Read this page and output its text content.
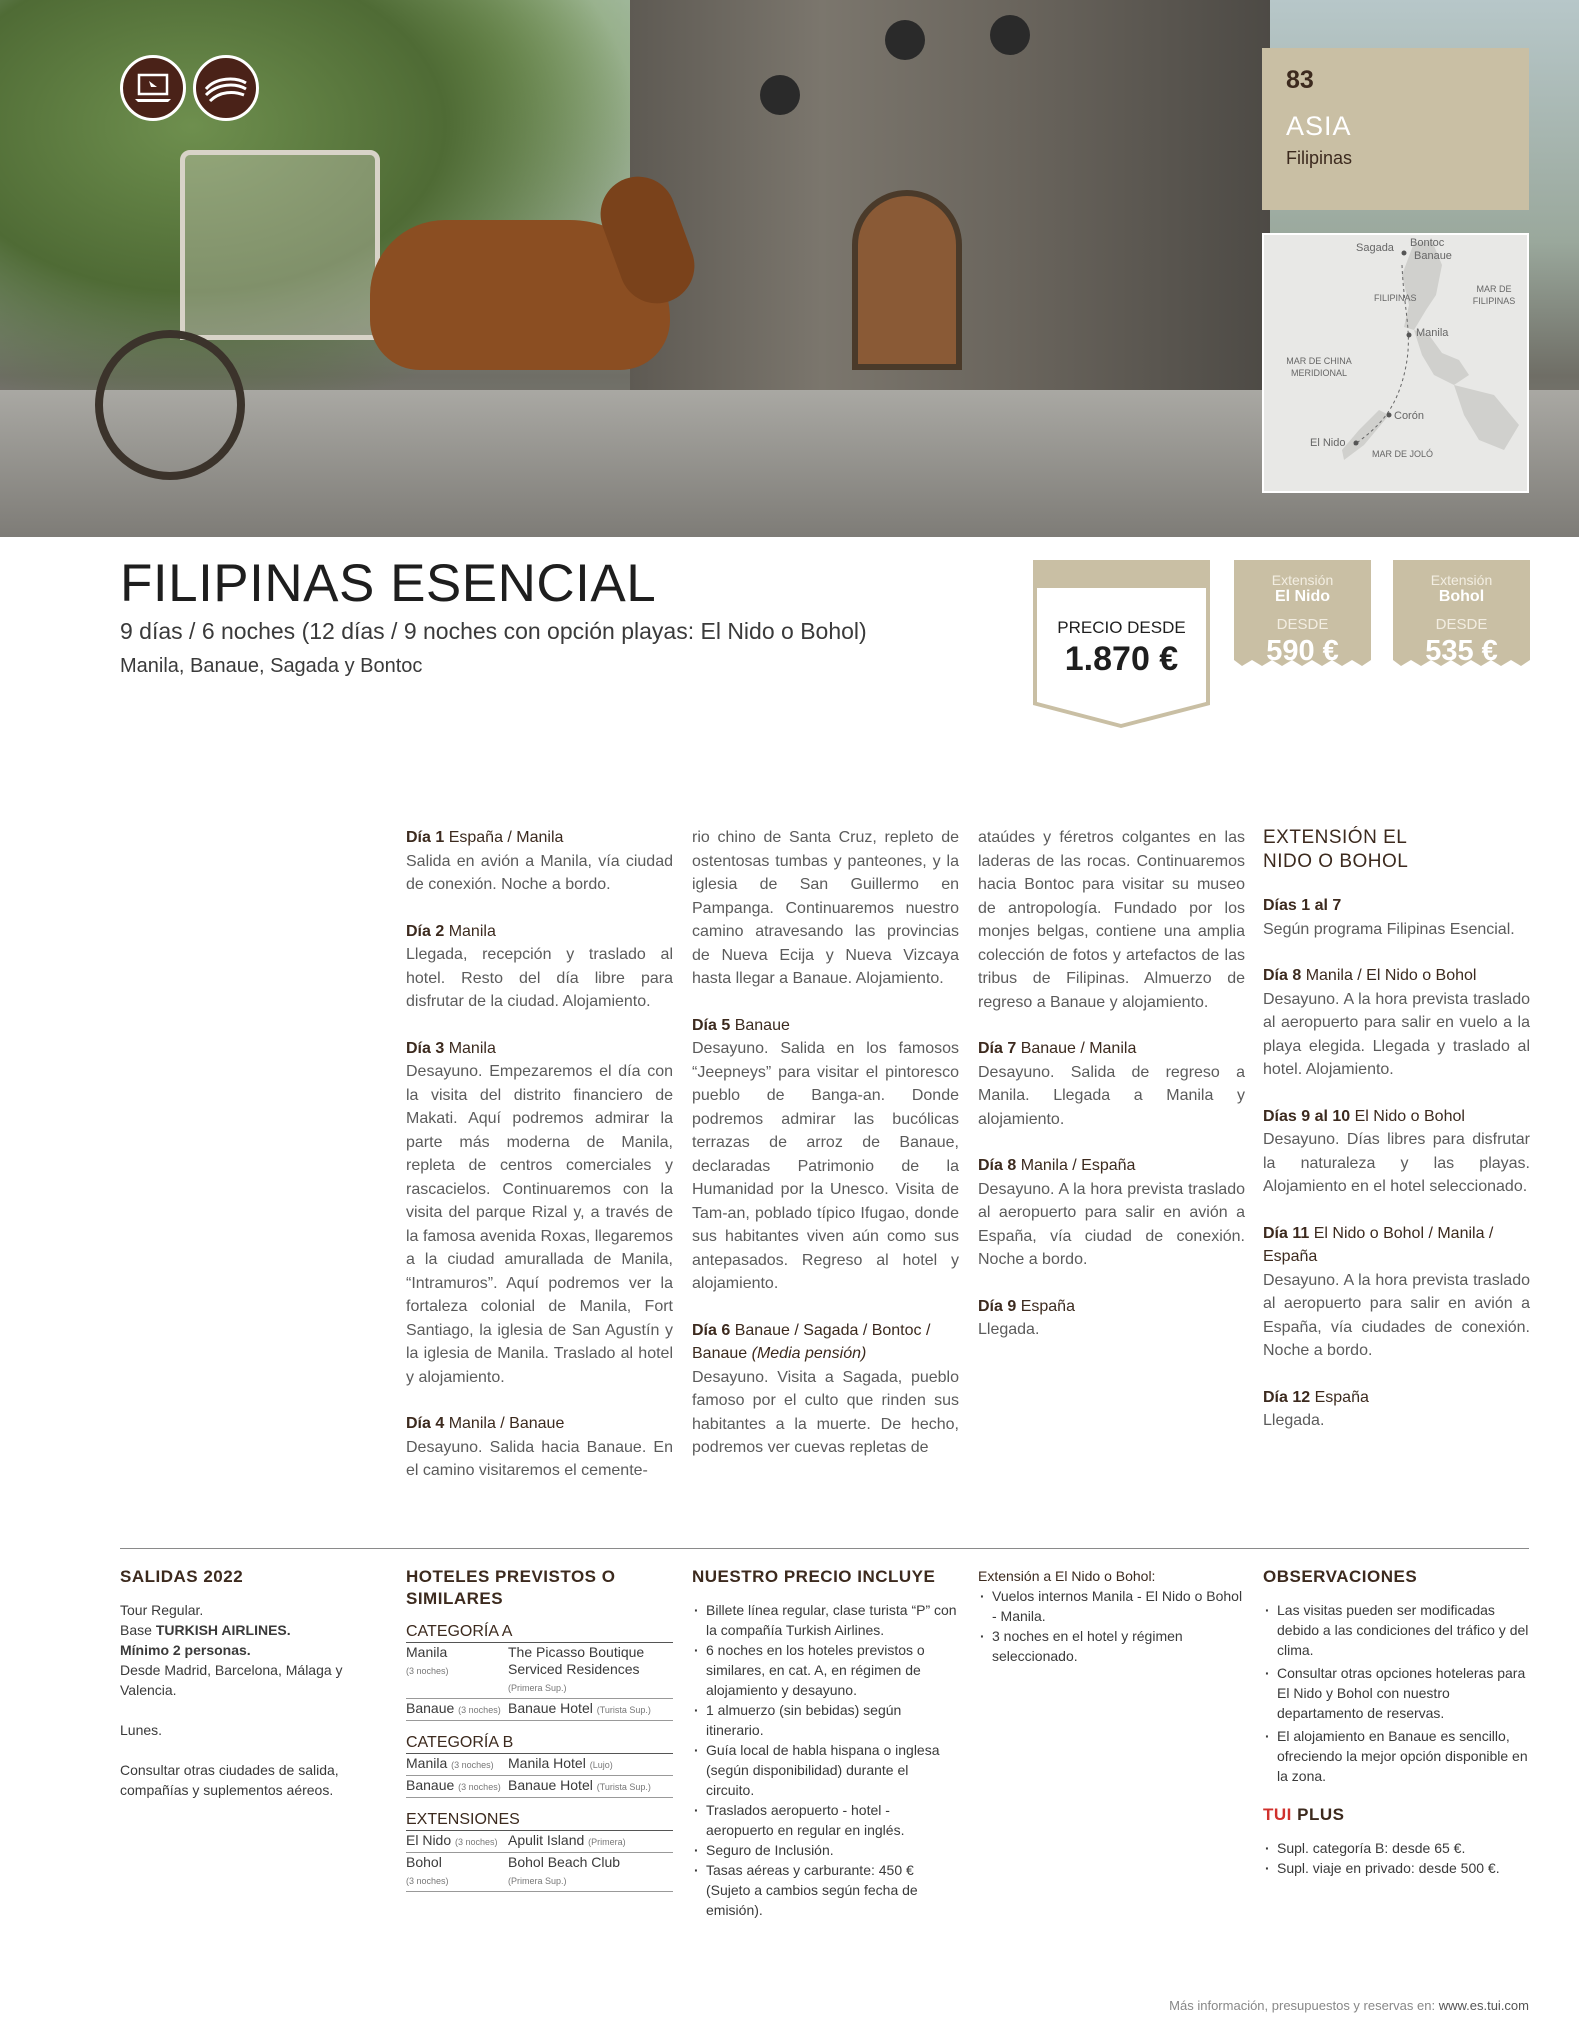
83
ASIA
Filipinas
Sagada Bontoc
Banaue
FILIPINAS
MAR DE FILIPINAS
Manila
MAR DE CHINA MERIDIONAL
Corón
El Nido
MAR DE JOLÓ
FILIPINAS ESENCIAL
9 días / 6 noches (12 días / 9 noches con opción playas: El Nido o Bohol)
Manila, Banaue, Sagada y Bontoc
PRECIO DESDE
1.870 €
Extensión
El Nido
DESDE
590 €
Extensión
Bohol
DESDE
535 €
Día 1 España / Manila

Salida en avión a Manila, vía ciudad de conexión. Noche a bordo.

Día 2 Manila

Llegada, recepción y traslado al hotel. Resto del día libre para disfrutar de la ciudad. Alojamiento.

Día 3 Manila

Desayuno. Empezaremos el día con la visita del distrito financiero de Makati. Aquí podremos admirar la parte más moderna de Manila, repleta de centros comerciales y rascacielos. Continuaremos con la visita del parque Rizal y, a través de la famosa avenida Roxas, llegaremos a la ciudad amurallada de Manila, “Intramuros”. Aquí podremos ver la fortaleza colonial de Manila, Fort Santiago, la iglesia de San Agustín y la iglesia de Manila. Traslado al hotel y alojamiento.

Día 4 Manila / Banaue

Desayuno. Salida hacia Banaue. En el camino visitaremos el cemente-

rio chino de Santa Cruz, repleto de ostentosas tumbas y panteones, y la iglesia de San Guillermo en Pampanga. Continuaremos nuestro camino atravesando las provincias de Nueva Ecija y Nueva Vizcaya hasta llegar a Banaue. Alojamiento.

Día 5 Banaue

Desayuno. Salida en los famosos “Jeepneys” para visitar el pintoresco pueblo de Banga-an. Donde podremos admirar las bucólicas terrazas de arroz de Banaue, declaradas Patrimonio de la Humanidad por la Unesco. Visita de Tam-an, poblado típico Ifugao, donde sus habitantes viven aún como sus antepasados. Regreso al hotel y alojamiento.

Día 6 Banaue / Sagada / Bontoc / Banaue (Media pensión)

Desayuno. Visita a Sagada, pueblo famoso por el culto que rinden sus habitantes a la muerte. De hecho, podremos ver cuevas repletas de

ataúdes y féretros colgantes en las laderas de las rocas. Continuaremos hacia Bontoc para visitar su museo de antropología. Fundado por los monjes belgas, contiene una amplia colección de fotos y artefactos de las tribus de Filipinas. Almuerzo de regreso a Banaue y alojamiento.

Día 7 Banaue / Manila

Desayuno. Salida de regreso a Manila. Llegada a Manila y alojamiento.

Día 8 Manila / España

Desayuno. A la hora prevista traslado al aeropuerto para salir en avión a España, vía ciudad de conexión. Noche a bordo.

Día 9 España

Llegada.

EXTENSIÓN EL
NIDO O BOHOL
Días 1 al 7

Según programa Filipinas Esencial.

Día 8 Manila / El Nido o Bohol

Desayuno. A la hora prevista traslado al aeropuerto para salir en vuelo a la playa elegida. Llegada y traslado al hotel. Alojamiento.

Días 9 al 10 El Nido o Bohol

Desayuno. Días libres para disfrutar la naturaleza y las playas. Alojamiento en el hotel seleccionado.

Día 11 El Nido o Bohol / Manila / España

Desayuno. A la hora prevista traslado al aeropuerto para salir en avión a España, vía ciudades de conexión. Noche a bordo.

Día 12 España

Llegada.

SALIDAS 2022
Tour Regular.
Base TURKISH AIRLINES.
Mínimo 2 personas.
Desde Madrid, Barcelona, Málaga y Valencia.
Lunes.
Consultar otras ciudades de salida, compañías y suplementos aéreos.
HOTELES PREVISTOS O SIMILARES
CATEGORÍA A
Manila
(3 noches)
The Picasso Boutique Serviced Residences
(Primera Sup.)
Banaue (3 noches) Banaue Hotel (Turista Sup.)
CATEGORÍA B
Manila (3 noches)	Manila Hotel (Lujo)
Banaue (3 noches) Banaue Hotel (Turista Sup.)
EXTENSIONES
El Nido (3 noches) Apulit Island (Primera)
Bohol
(3 noches)
Bohol Beach Club
(Primera Sup.)
NUESTRO PRECIO INCLUYE
· Billete línea regular, clase turista “P” con la compañía Turkish Airlines.
· 6 noches en los hoteles previstos o similares, en cat. A, en régimen de alojamiento y desayuno.
· 1 almuerzo (sin bebidas) según itinerario.
· Guía local de habla hispana o inglesa (según disponibilidad) durante el circuito.
· Traslados aeropuerto - hotel - aeropuerto en regular en inglés.
· Seguro de Inclusión.
· Tasas aéreas y carburante: 450 € (Sujeto a cambios según fecha de emisión).
Extensión a El Nido o Bohol:
· Vuelos internos Manila - El Nido o Bohol - Manila.
· 3 noches en el hotel y régimen seleccionado.
OBSERVACIONES
· Las visitas pueden ser modificadas debido a las condiciones del tráfico y del clima.
· Consultar otras opciones hoteleras para El Nido y Bohol con nuestro departamento de reservas.
· El alojamiento en Banaue es sencillo, ofreciendo la mejor opción disponible en la zona.
TUI PLUS
· Supl. categoría B: desde 65 €.
· Supl. viaje en privado: desde 500 €.
Más información, presupuestos y reservas en: www.es.tui.com
